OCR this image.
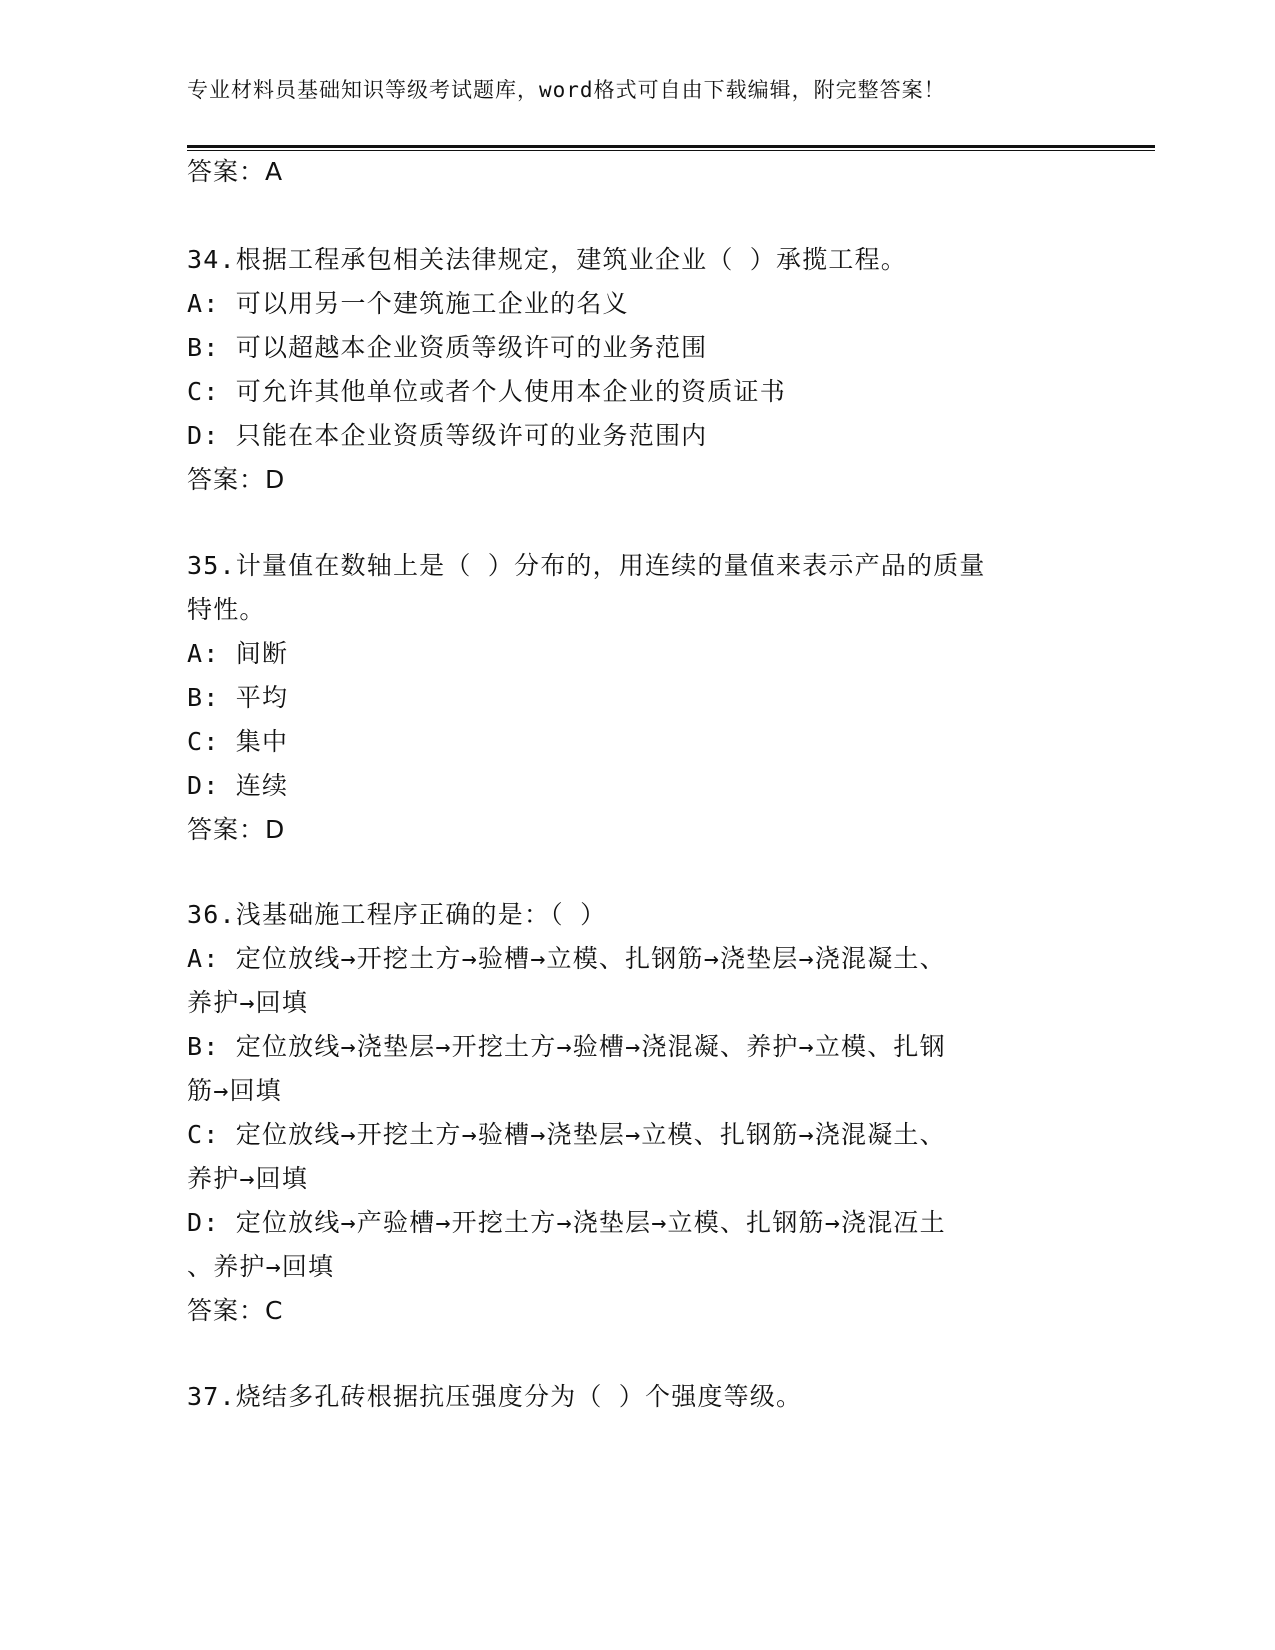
专业材料员基础知识等级考试题库，word格式可自由下载编辑，附完整答案！
答案：A
34.根据工程承包相关法律规定，建筑业企业（ ）承揽工程。
A: 可以用另一个建筑施工企业的名义
B: 可以超越本企业资质等级许可的业务范围
C: 可允许其他单位或者个人使用本企业的资质证书
D: 只能在本企业资质等级许可的业务范围内
答案：D
35.计量值在数轴上是（ ）分布的，用连续的量值来表示产品的质量
特性。
A: 间断
B: 平均
C: 集中
D: 连续
答案：D
36.浅基础施工程序正确的是：（ ）
A: 定位放线→开挖土方→验槽→立模、扎钢筋→浇垫层→浇混凝土、
养护→回填
B: 定位放线→浇垫层→开挖土方→验槽→浇混凝、养护→立模、扎钢
筋→回填
C: 定位放线→开挖土方→验槽→浇垫层→立模、扎钢筋→浇混凝土、
养护→回填
D: 定位放线→产验槽→开挖土方→浇垫层→立模、扎钢筋→浇混冱土
、养护→回填
答案：C
37.烧结多孔砖根据抗压强度分为（ ）个强度等级。
